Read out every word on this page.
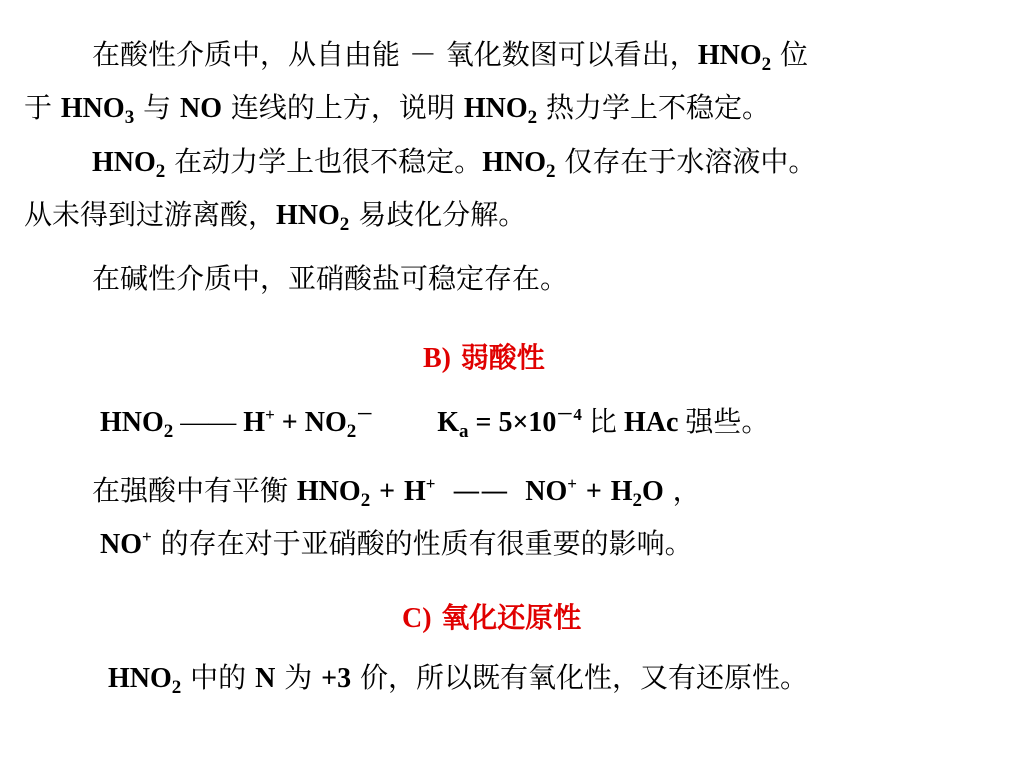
在酸性介质中，从自由能 － 氧化数图可以看出，$HNO_2$ 位
于 $HNO_3$ 与 NO 连线的上方，说明 $HNO_2$ 热力学上不稳定。
$HNO_2$ 在动力学上也很不稳定。$HNO_2$ 仅存在于水溶液中。
从未得到过游离酸，$HNO_2$ 易歧化分解。
在碱性介质中，亚硝酸盐可稳定存在。
B) 弱酸性
$HNO_2$ —— $H^+ + NO_2^-$ $K_a = 5\times 10^{-4}$ 比 HAc 强些。
在强酸中有平衡 $HNO_2 + H^+$ —— $NO^+ + H_2O$ ，
NO+ 的存在对于亚硝酸的性质有很重要的影响。
C) 氧化还原性
$HNO_2$ 中的 N 为 +3 价，所以既有氧化性，又有还原性。
